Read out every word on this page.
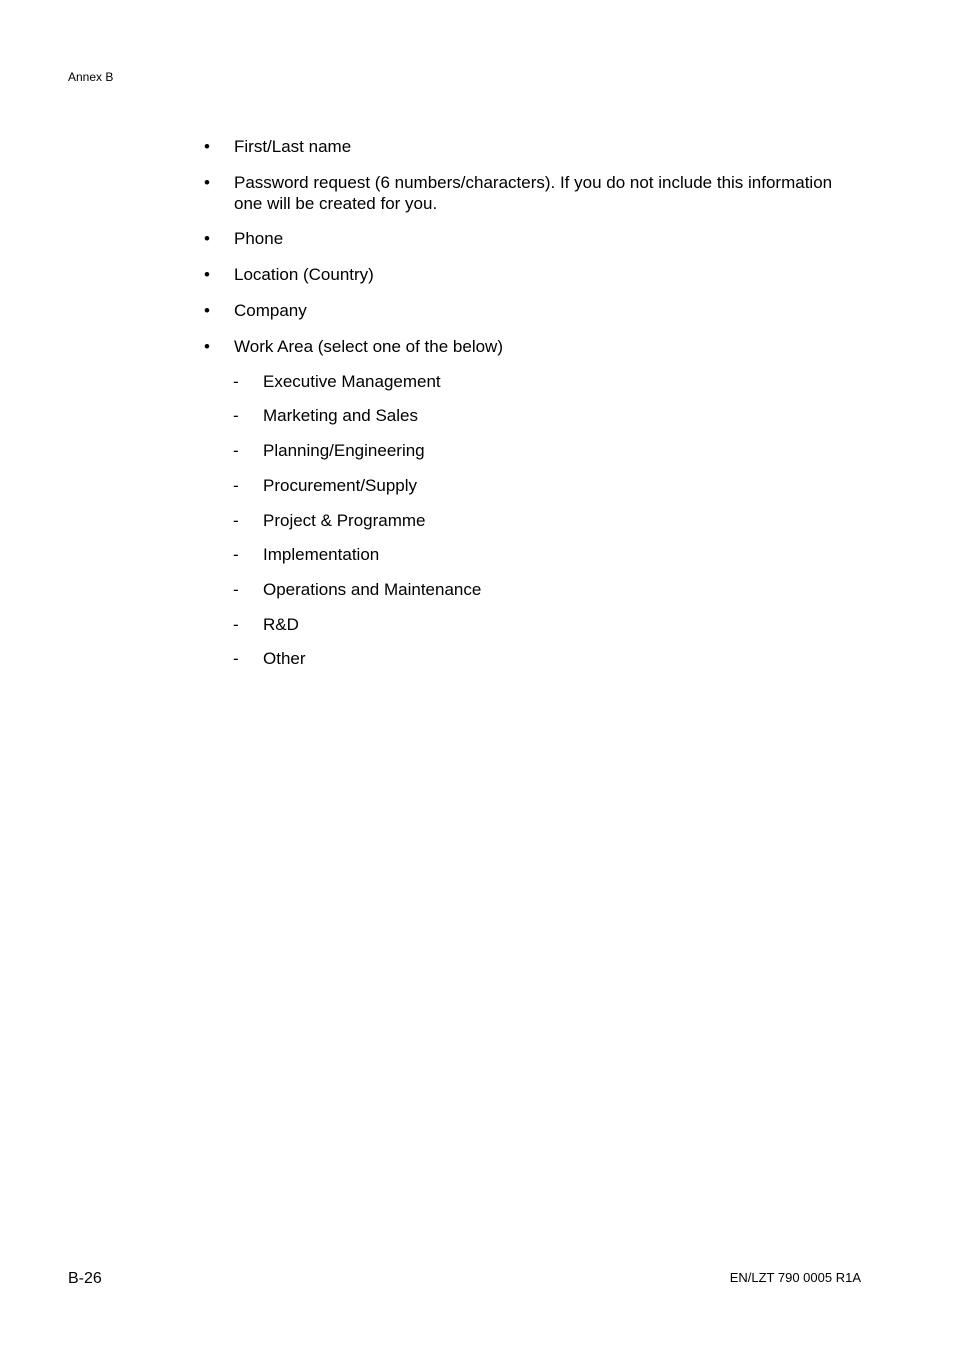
Annex B
•	First/Last name
•	Password request (6 numbers/characters). If you do not include this information one will be created for you.
•	Phone
•	Location (Country)
•	Company
•	Work Area (select one of the below)
- Executive Management
- Marketing and Sales
- Planning/Engineering
- Procurement/Supply
- Project & Programme
- Implementation
- Operations and Maintenance
- R&D
- Other
B-26	EN/LZT 790 0005 R1A
